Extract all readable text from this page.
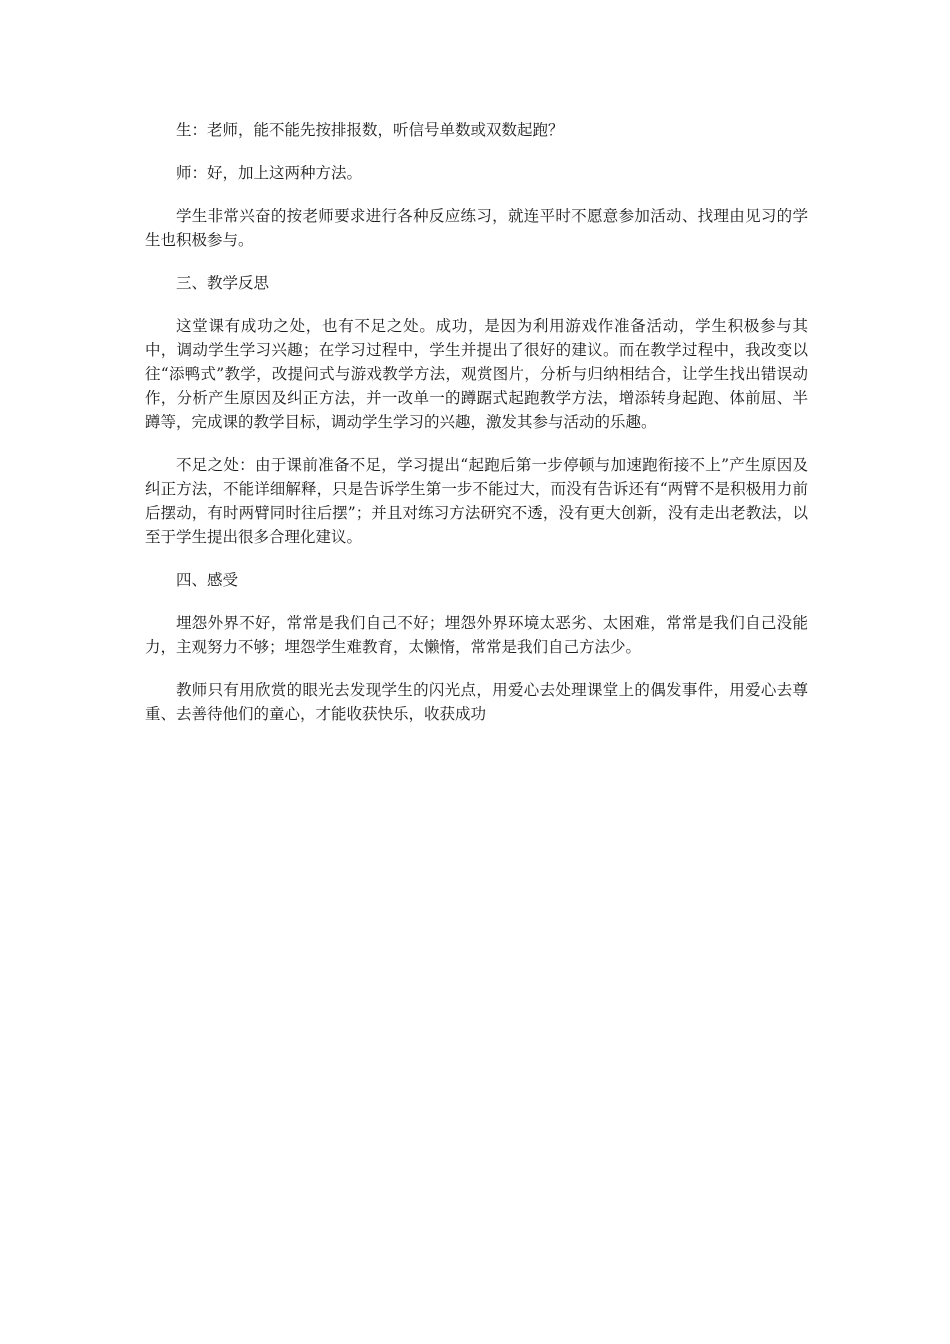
生：老师，能不能先按排报数，听信号单数或双数起跑？

师：好，加上这两种方法。

学生非常兴奋的按老师要求进行各种反应练习，就连平时不愿意参加活动、找理由见习的学生也积极参与。

三、教学反思

这堂课有成功之处，也有不足之处。成功，是因为利用游戏作准备活动，学生积极参与其中，调动学生学习兴趣；在学习过程中，学生并提出了很好的建议。而在教学过程中，我改变以往“添鸭式”教学，改提问式与游戏教学方法，观赏图片，分析与归纳相结合，让学生找出错误动作，分析产生原因及纠正方法，并一改单一的蹲踞式起跑教学方法，增添转身起跑、体前屈、半蹲等，完成课的教学目标，调动学生学习的兴趣，激发其参与活动的乐趣。

不足之处：由于课前准备不足，学习提出“起跑后第一步停顿与加速跑衔接不上”产生原因及纠正方法，不能详细解释，只是告诉学生第一步不能过大，而没有告诉还有“两臂不是积极用力前后摆动，有时两臂同时往后摆”；并且对练习方法研究不透，没有更大创新，没有走出老教法，以至于学生提出很多合理化建议。

四、感受

埋怨外界不好，常常是我们自己不好；埋怨外界环境太恶劣、太困难，常常是我们自己没能力，主观努力不够；埋怨学生难教育，太懒惰，常常是我们自己方法少。

教师只有用欣赏的眼光去发现学生的闪光点，用爱心去处理课堂上的偶发事件，用爱心去尊重、去善待他们的童心，才能收获快乐，收获成功
